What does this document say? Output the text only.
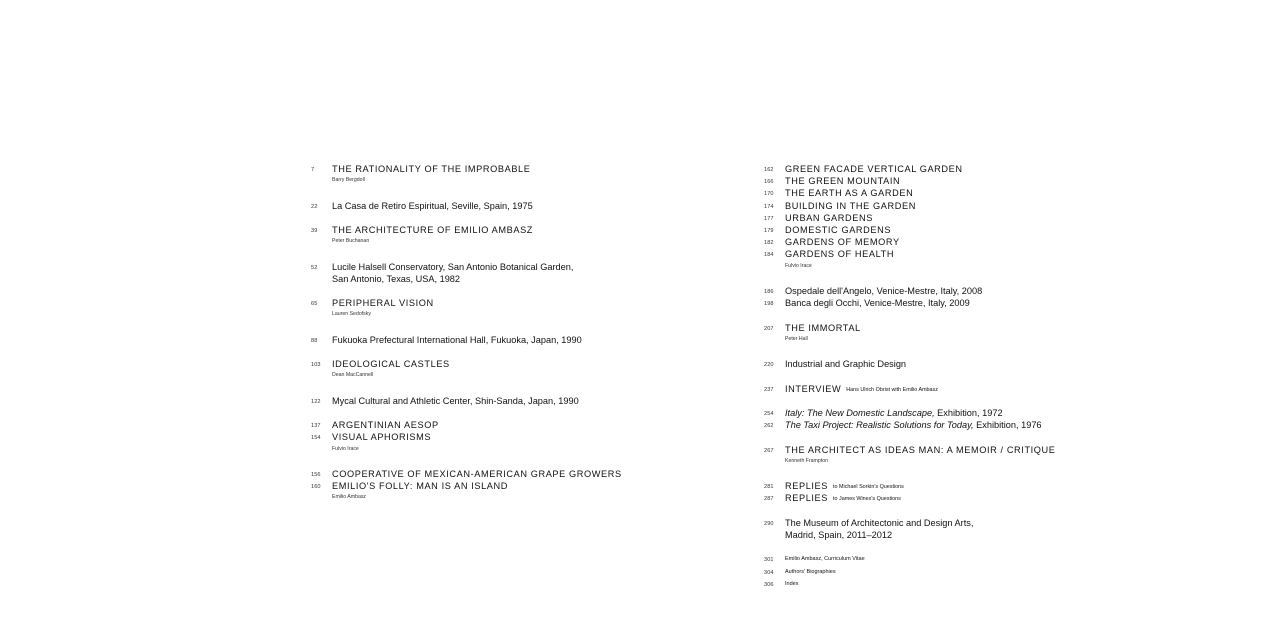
7 THE RATIONALITY OF THE IMPROBABLE
Barry Bergdoll
22 La Casa de Retiro Espiritual, Seville, Spain, 1975
39 THE ARCHITECTURE OF EMILIO AMBASZ
Peter Buchanan
52 Lucile Halsell Conservatory, San Antonio Botanical Garden,
San Antonio, Texas, USA, 1982
65 PERIPHERAL VISION
Lauren Sedofsky
88 Fukuoka Prefectural International Hall, Fukuoka, Japan, 1990
103 IDEOLOGICAL CASTLES
Dean MacCannell
122 Mycal Cultural and Athletic Center, Shin-Sanda, Japan, 1990
137 ARGENTINIAN AESOP
154 VISUAL APHORISMS
Fulvio Irace
156 COOPERATIVE OF MEXICAN-AMERICAN GRAPE GROWERS
160 EMILIO'S FOLLY: MAN IS AN ISLAND
Emilio Ambasz
162 GREEN FACADE VERTICAL GARDEN
166 THE GREEN MOUNTAIN
170 THE EARTH AS A GARDEN
174 BUILDING IN THE GARDEN
177 URBAN GARDENS
179 DOMESTIC GARDENS
182 GARDENS OF MEMORY
184 GARDENS OF HEALTH
Fulvio Irace
186 Ospedale dell'Angelo, Venice-Mestre, Italy, 2008
198 Banca degli Occhi, Venice-Mestre, Italy, 2009
207 THE IMMORTAL
Peter Hall
220 Industrial and Graphic Design
237 INTERVIEW Hans Ulrich Obrist with Emilio Ambasz
254 Italy: The New Domestic Landscape, Exhibition, 1972
262 The Taxi Project: Realistic Solutions for Today, Exhibition, 1976
267 THE ARCHITECT AS IDEAS MAN: A MEMOIR / CRITIQUE
Kenneth Frampton
281 REPLIES to Michael Sorkin's Questions
287 REPLIES to James Wines's Questions
290 The Museum of Architectonic and Design Arts,
Madrid, Spain, 2011–2012
301 Emilio Ambasz, Curriculum Vitae
304 Authors' Biographies
306 Index
